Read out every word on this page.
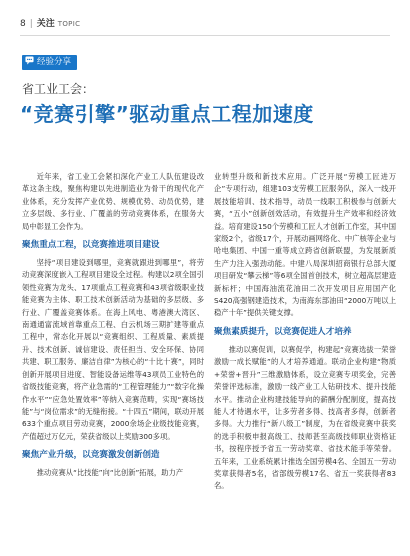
8 | 关注 TOPIC
经验分享
省工业工会：
“竞赛引擎”驱动重点工程加速度

近年来，省工业工会紧扣深化产业工人队伍建设改革这条主线，聚焦构建以先进制造业为骨干的现代化产业体系，充分发挥产业优势、规模优势、动员优势，建立多层级、多行业、广覆盖的劳动竞赛体系，在服务大局中彰显工会作为。

聚焦重点工程，以竞赛推进项目建设

坚持“项目建设到哪里，竞赛就跟进到哪里”，将劳动竞赛深度嵌入工程项目建设全过程。构建以2项全国引领性竞赛为龙头、17项重点工程竞赛和43项省级职业技能竞赛为主体、职工技术创新活动为基础的多层级、多行业、广覆盖竞赛体系。在海上风电、粤港澳大湾区、南通通富流域首靠重点工程、白云机场三期扩建等重点工程中，常态化开展以“竞赛组织、工程质量、素质提升、技术创新、诚信建设、责任担当、安全环保、协同共建、职工服务、廉洁自律”为核心的“十比十赛”，同时创新开展项目进度、智能设备运维等43项员工业特色的省级技能竞赛，将产业急需的“工程管理能力”“数字化操作水平”“应急处置效率”等纳入竞赛范畴，实现“赛场技能”与“岗位需求”的无缝衔接。“十四五”期间，联动开展633个重点项目劳动竞赛，2000余场企业级技能竞赛，产值超过万亿元，荣获省级以上奖励300多项。

聚焦产业升级，以竞赛激发创新创造

推动竞赛从“比技能”向“比创新”拓展，助力产

业转型升级和新技术应用。广泛开展“劳模工匠进万企”专项行动，组建103支劳模工匠服务队，深入一线开展技能培训、技术指导，动员一线职工积极参与创新大赛，“五小”创新创效活动，有效提升生产效率和经济效益。培育建设150个劳模和工匠人才创新工作室，其中国家级2个，省级17个，开展动画网络化、中广核等企业与哈电集团、中国一重等成立跨省创新联盟，为发展新质生产力注入强劲动能。中建八局深圳招商银行总部大厦项目研发“攀云梯”等6项全国首创技术，树立超高层建造新标杆；中国海油流花油田二次开发项目应用国产化S420高强钢建造技术，为南海东部油田“2000万吨以上稳产十年”提供关键支撑。

聚焦素质提升，以竞赛促进人才培养

推动以赛促训，以赛促学，构建起“竞赛选拔一荣誉激励一成长赋能”的人才培养通道。联动企业构建“物质+荣誉+晋升”三维激励体系，设立竞赛专项奖金，完善荣誉评选标准，激励一线产业工人钻研技术、提升技能水平。推动企业构建技能导向的薪酬分配制度，提高技能人才待遇水平，让多劳者多得、技高者多得，创新者多得。大力推行“新八级工”制度，为在省级竞赛中获奖的选手积极申报高级工、技师甚至高级技师职业资格证书，按程序授予省五一劳动奖章、省技术能手等荣誉。五年来，工业系统累计推选全国劳模4名、全国五一劳动奖章获得者5名，省部级劳模17名、省五一奖获得者83名。
